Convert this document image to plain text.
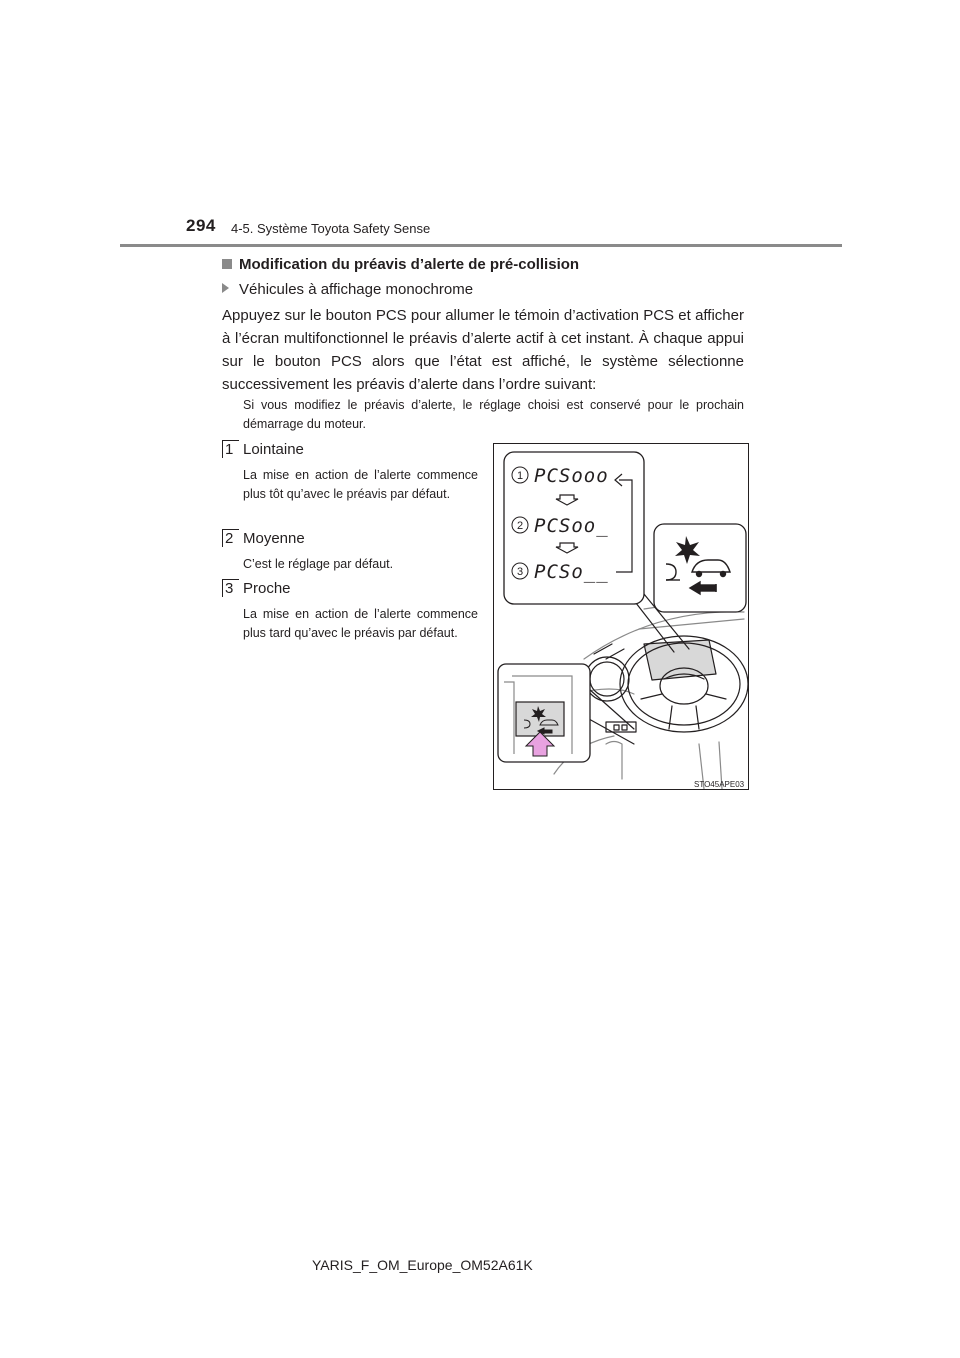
294 4-5. Système Toyota Safety Sense
Modification du préavis d’alerte de pré-collision
Véhicules à affichage monochrome
Appuyez sur le bouton PCS pour allumer le témoin d’activation PCS et afficher à l’écran multifonctionnel le préavis d’alerte actif à cet instant. À chaque appui sur le bouton PCS alors que l’état est affiché, le système sélectionne successivement les préavis d’alerte dans l’ordre suivant:
Si vous modifiez le préavis d’alerte, le réglage choisi est conservé pour le prochain démarrage du moteur.
1 Lointaine
La mise en action de l’alerte commence plus tôt qu’avec le préavis par défaut.
2 Moyenne
C’est le réglage par défaut.
3 Proche
La mise en action de l’alerte commence plus tard qu’avec le préavis par défaut.
1
2
3
PCSooo
PCSoo_
PCSo__
STO45APE03
YARIS_F_OM_Europe_OM52A61K
